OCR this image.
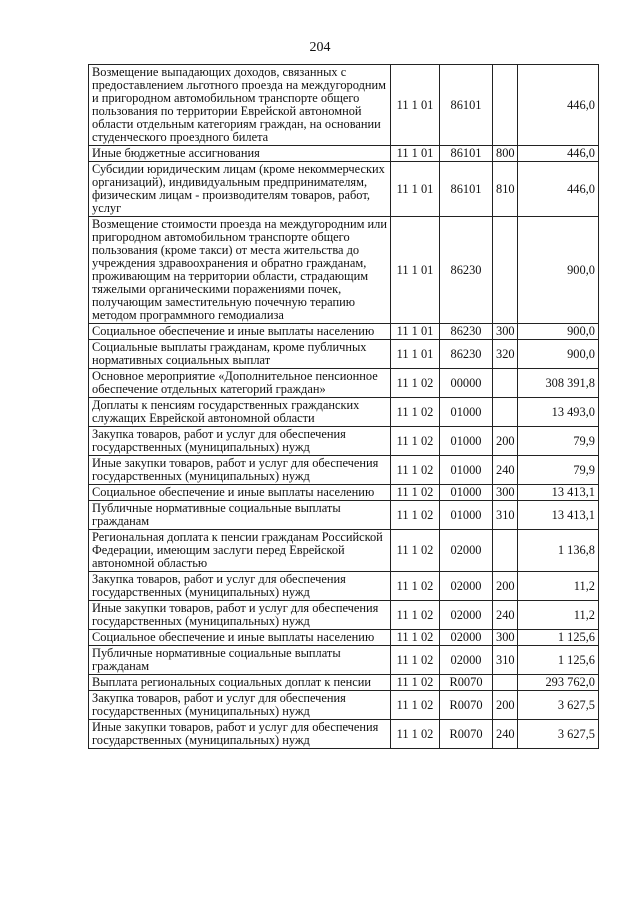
204
Возмещение выпадающих доходов, связанных с предоставлением льготного проезда на междугородним и пригородном автомобильном транспорте общего пользования по территории Еврейской автономной области отдельным категориям граждан, на основании студенческого проездного билета	11 1 01	86101		446,0
Иные бюджетные ассигнования	11 1 01	86101	800	446,0
Субсидии юридическим лицам (кроме некоммерческих организаций), индивидуальным предпринимателям, физическим лицам - производителям товаров, работ, услуг	11 1 01	86101	810	446,0
Возмещение стоимости проезда на междугородним или пригородном автомобильном транспорте общего пользования (кроме такси) от места жительства до учреждения здравоохранения и обратно гражданам, проживающим на территории области, страдающим тяжелыми органическими поражениями почек, получающим заместительную почечную терапию методом программного гемодиализа	11 1 01	86230		900,0
Социальное обеспечение и иные выплаты населению	11 1 01	86230	300	900,0
Социальные выплаты гражданам, кроме публичных нормативных социальных выплат	11 1 01	86230	320	900,0
Основное мероприятие «Дополнительное пенсионное обеспечение отдельных категорий граждан»	11 1 02	00000		308 391,8
Доплаты к пенсиям государственных гражданских служащих Еврейской автономной области	11 1 02	01000		13 493,0
Закупка товаров, работ и услуг для обеспечения государственных (муниципальных) нужд	11 1 02	01000	200	79,9
Иные закупки товаров, работ и услуг для обеспечения государственных (муниципальных) нужд	11 1 02	01000	240	79,9
Социальное обеспечение и иные выплаты населению	11 1 02	01000	300	13 413,1
Публичные нормативные социальные выплаты гражданам	11 1 02	01000	310	13 413,1
Региональная доплата к пенсии гражданам Российской Федерации, имеющим заслуги перед Еврейской автономной областью	11 1 02	02000		1 136,8
Закупка товаров, работ и услуг для обеспечения государственных (муниципальных) нужд	11 1 02	02000	200	11,2
Иные закупки товаров, работ и услуг для обеспечения государственных (муниципальных) нужд	11 1 02	02000	240	11,2
Социальное обеспечение и иные выплаты населению	11 1 02	02000	300	1 125,6
Публичные нормативные социальные выплаты гражданам	11 1 02	02000	310	1 125,6
Выплата региональных социальных доплат к пенсии	11 1 02	R0070		293 762,0
Закупка товаров, работ и услуг для обеспечения государственных (муниципальных) нужд	11 1 02	R0070	200	3 627,5
Иные закупки товаров, работ и услуг для обеспечения государственных (муниципальных) нужд	11 1 02	R0070	240	3 627,5
